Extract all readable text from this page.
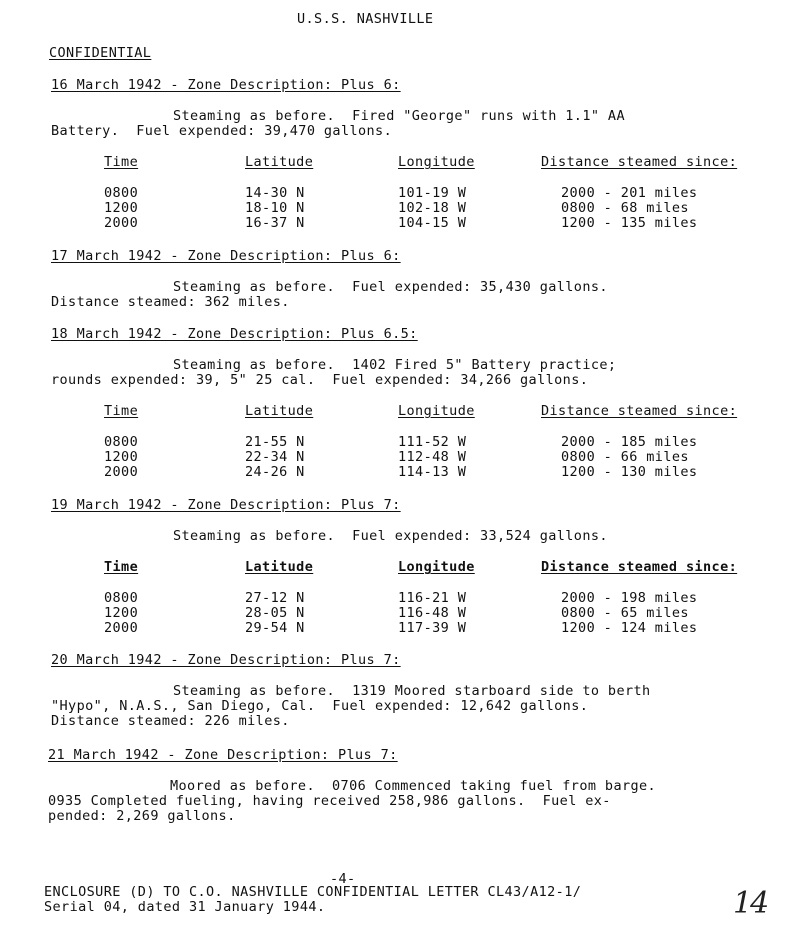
U.S.S. NASHVILLE
CONFIDENTIAL
16 March 1942 - Zone Description: Plus 6:
Steaming as before.  Fired "George" runs with 1.1" AA
Battery.  Fuel expended: 39,470 gallons.
Time	Latitude	Longitude	Distance steamed since:
0800	14-30 N	101-19 W	2000 - 201 miles
1200	18-10 N	102-18 W	0800 - 68 miles
2000	16-37 N	104-15 W	1200 - 135 miles
17 March 1942 - Zone Description: Plus 6:
Steaming as before.  Fuel expended: 35,430 gallons.
Distance steamed: 362 miles.
18 March 1942 - Zone Description: Plus 6.5:
Steaming as before.  1402 Fired 5" Battery practice;
rounds expended: 39, 5" 25 cal.  Fuel expended: 34,266 gallons.
Time	Latitude	Longitude	Distance steamed since:
0800	21-55 N	111-52 W	2000 - 185 miles
1200	22-34 N	112-48 W	0800 - 66 miles
2000	24-26 N	114-13 W	1200 - 130 miles
19 March 1942 - Zone Description: Plus 7:
Steaming as before.  Fuel expended: 33,524 gallons.
Time	Latitude	Longitude	Distance steamed since:
0800	27-12 N	116-21 W	2000 - 198 miles
1200	28-05 N	116-48 W	0800 - 65 miles
2000	29-54 N	117-39 W	1200 - 124 miles
20 March 1942 - Zone Description: Plus 7:
Steaming as before.  1319 Moored starboard side to berth
"Hypo", N.A.S., San Diego, Cal.  Fuel expended: 12,642 gallons.
Distance steamed: 226 miles.
21 March 1942 - Zone Description: Plus 7:
Moored as before.  0706 Commenced taking fuel from barge.
0935 Completed fueling, having received 258,986 gallons.  Fuel ex-
pended: 2,269 gallons.
-4-
ENCLOSURE (D) TO C.O. NASHVILLE CONFIDENTIAL LETTER CL43/A12-1/
Serial 04, dated 31 January 1944.	14
